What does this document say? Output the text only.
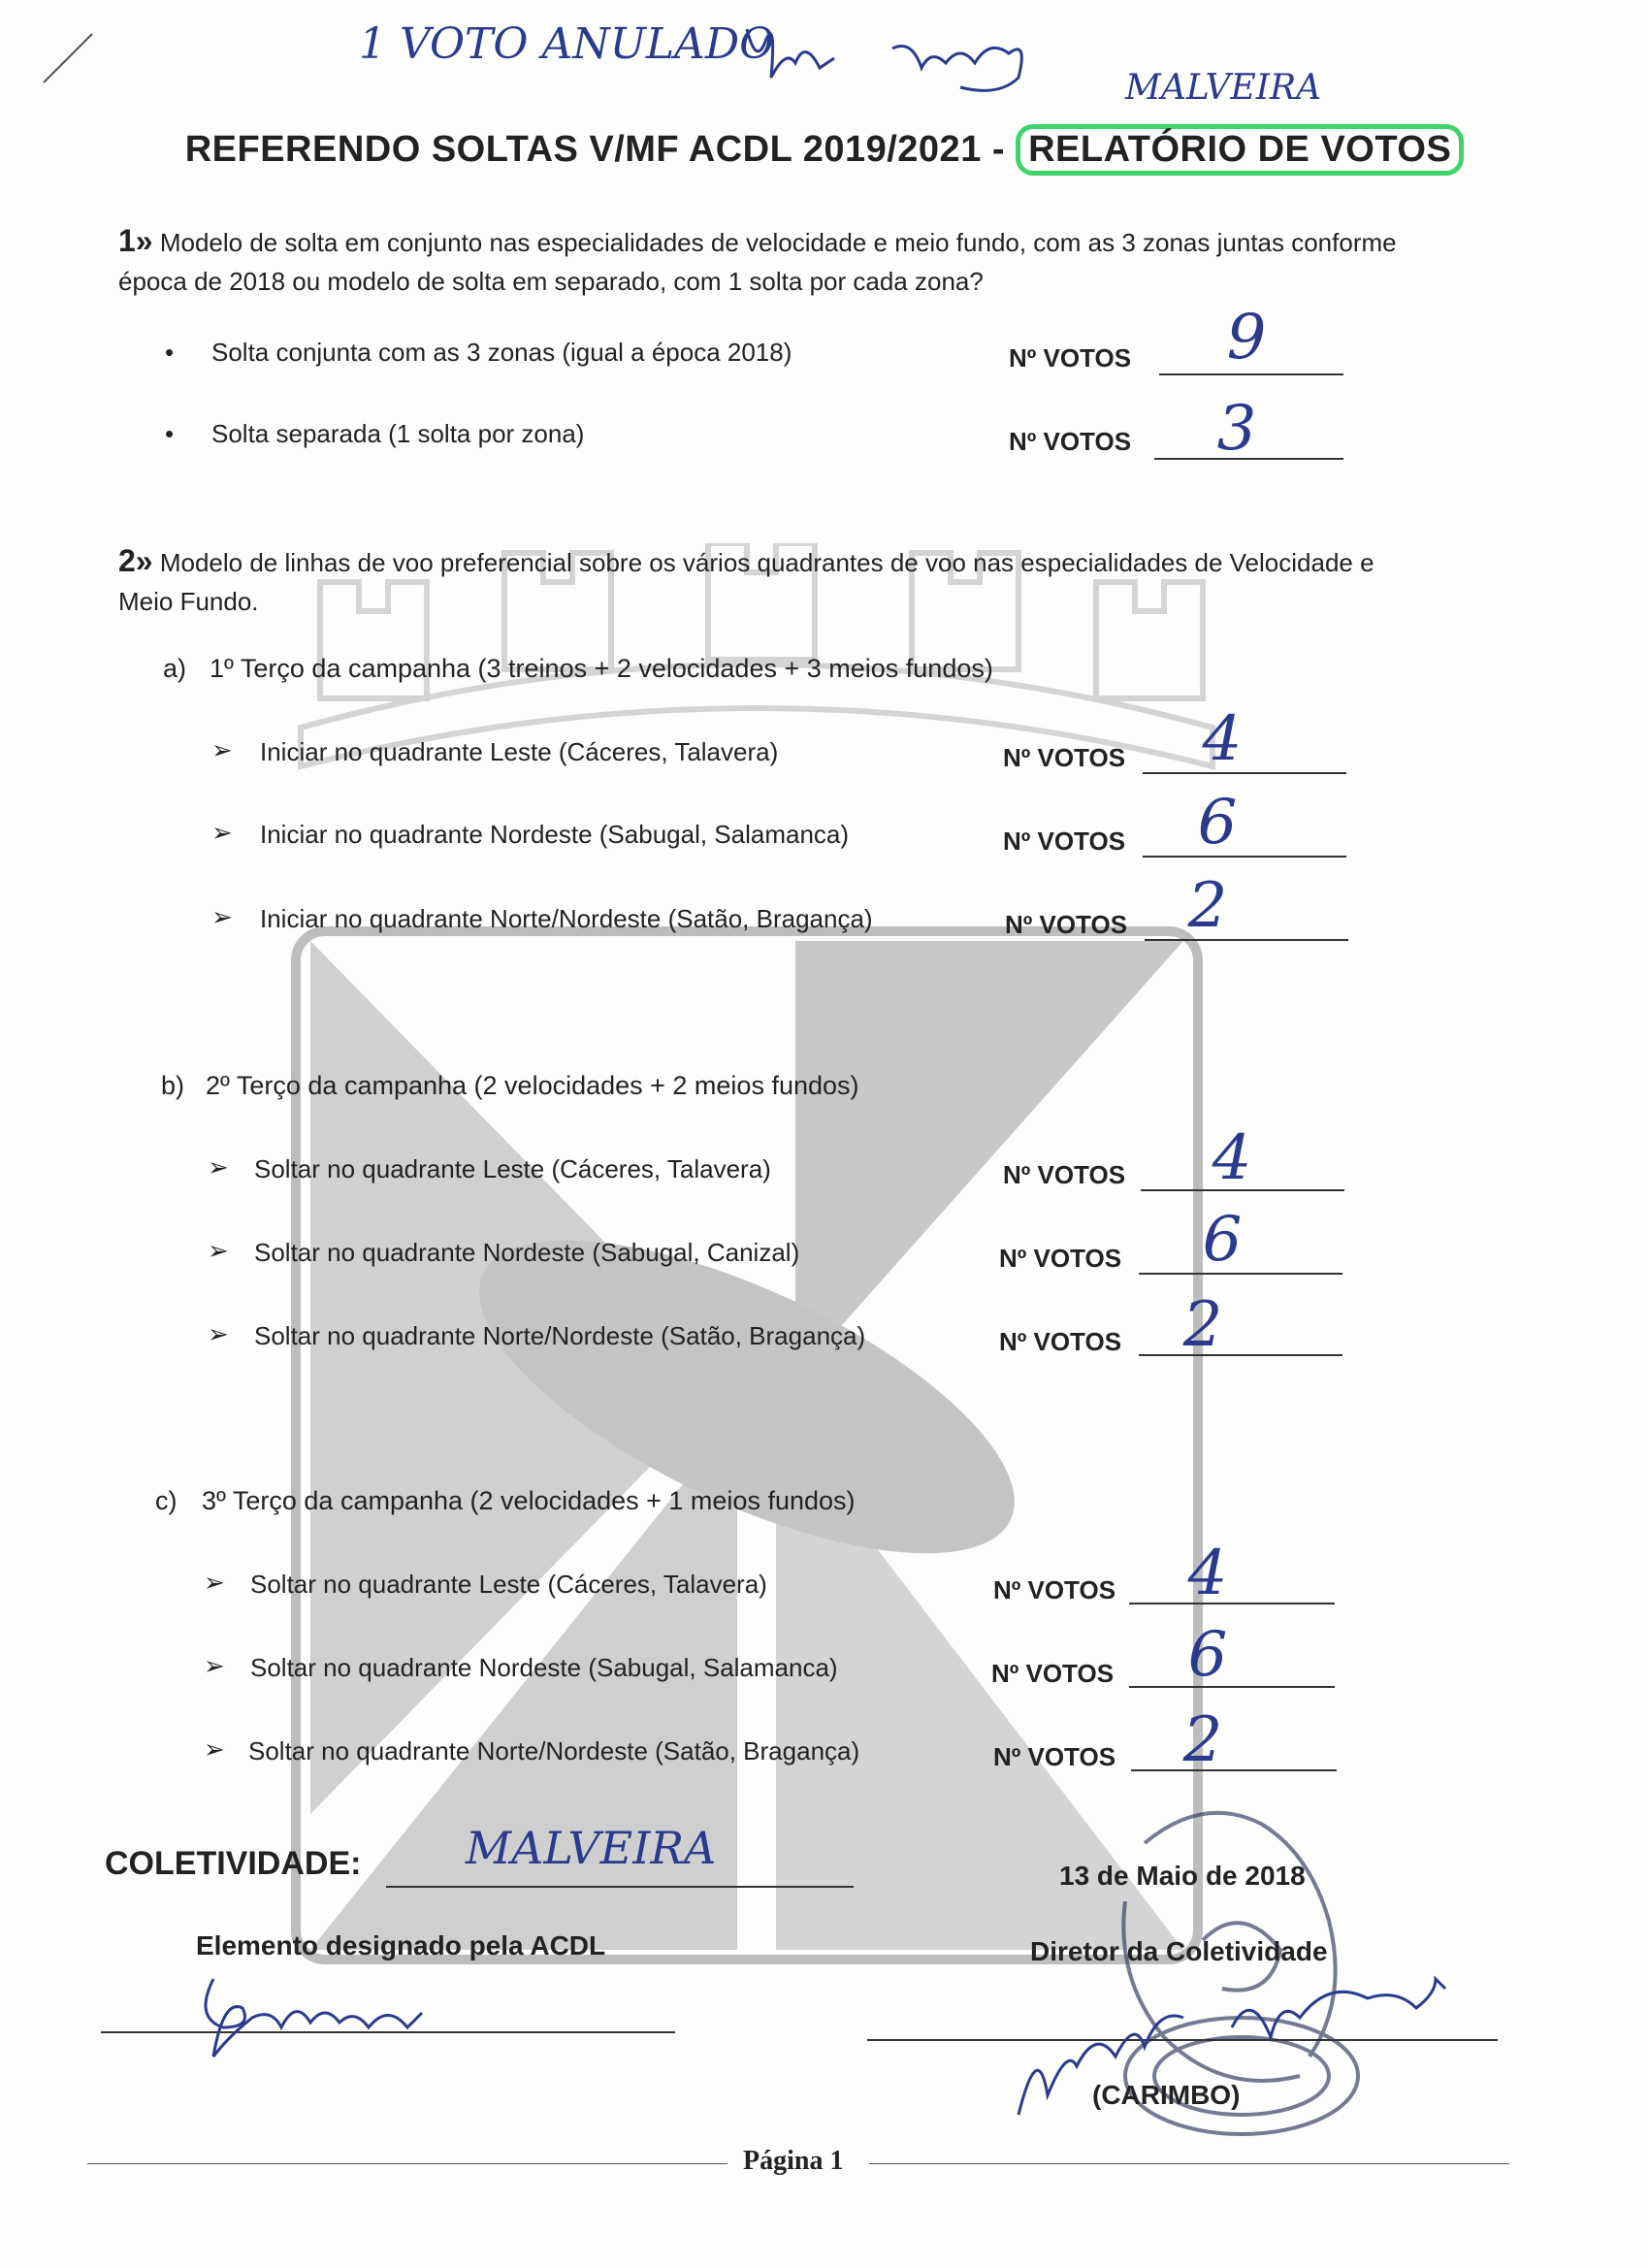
1 VOTO ANULADO
MALVEIRA
REFERENDO SOLTAS V/MF ACDL 2019/2021 - RELATÓRIO DE VOTOS
1» Modelo de solta em conjunto nas especialidades de velocidade e meio fundo, com as 3 zonas juntas conforme
época de 2018 ou modelo de solta em separado, com 1 solta por cada zona?
• Solta conjunta com as 3 zonas (igual a época 2018)	Nº VOTOS	9
• Solta separada (1 solta por zona)	Nº VOTOS	3
2» Modelo de linhas de voo preferencial sobre os vários quadrantes de voo nas especialidades de Velocidade e
Meio Fundo.
a) 1º Terço da campanha (3 treinos + 2 velocidades + 3 meios fundos)
➢ Iniciar no quadrante Leste (Cáceres, Talavera)	Nº VOTOS	4
➢ Iniciar no quadrante Nordeste (Sabugal, Salamanca)	Nº VOTOS	6
➢ Iniciar no quadrante Norte/Nordeste (Satão, Bragança)	Nº VOTOS 2
b) 2º Terço da campanha (2 velocidades + 2 meios fundos)
➢ Soltar no quadrante Leste (Cáceres, Talavera)	Nº VOTOS	4
➢ Soltar no quadrante Nordeste (Sabugal, Canizal)	Nº VOTOS	6
➢ Soltar no quadrante Norte/Nordeste (Satão, Bragança)	Nº VOTOS 2
c) 3º Terço da campanha (2 velocidades + 1 meios fundos)
➢ Soltar no quadrante Leste (Cáceres, Talavera)	Nº VOTOS	4
➢ Soltar no quadrante Nordeste (Sabugal, Salamanca)	Nº VOTOS	6
➢ Soltar no quadrante Norte/Nordeste (Satão, Bragança)	Nº VOTOS	2
COLETIVIDADE: MALVEIRA
13 de Maio de 2018
Elemento designado pela ACDL	Diretor da Coletividade
(CARIMBO)
Página 1
